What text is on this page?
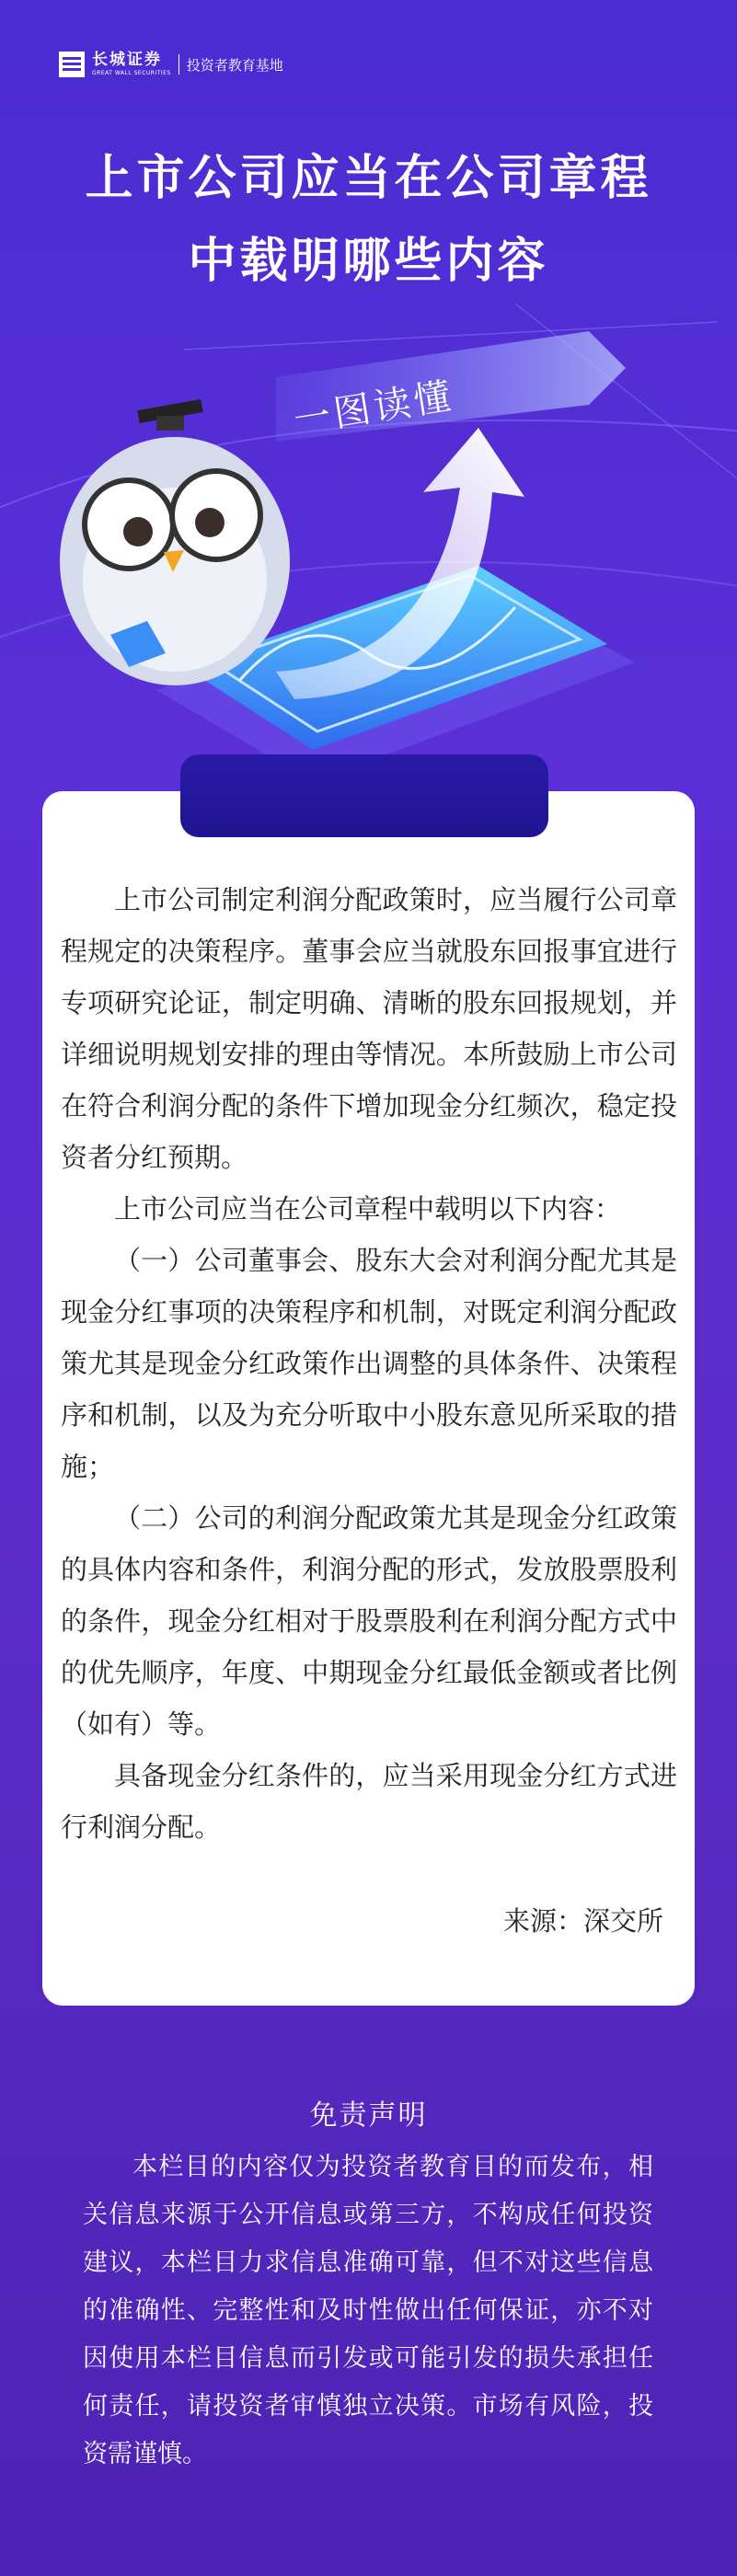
长城证券
GREAT WALL SECURITIES 投资者教育基地
上市公司应当在公司章程
中载明哪些内容
一图读懂

上市公司制定利润分配政策时，应当履行公司章程规定的决策程序。董事会应当就股东回报事宜进行专项研究论证，制定明确、清晰的股东回报规划，并详细说明规划安排的理由等情况。本所鼓励上市公司在符合利润分配的条件下增加现金分红频次，稳定投资者分红预期。

上市公司应当在公司章程中载明以下内容：

（一）公司董事会、股东大会对利润分配尤其是现金分红事项的决策程序和机制，对既定利润分配政策尤其是现金分红政策作出调整的具体条件、决策程序和机制，以及为充分听取中小股东意见所采取的措施；

（二）公司的利润分配政策尤其是现金分红政策的具体内容和条件，利润分配的形式，发放股票股利的条件，现金分红相对于股票股利在利润分配方式中的优先顺序，年度、中期现金分红最低金额或者比例（如有）等。

具备现金分红条件的，应当采用现金分红方式进行利润分配。

来源：深交所
免责声明

本栏目的内容仅为投资者教育目的而发布，相关信息来源于公开信息或第三方，不构成任何投资建议，本栏目力求信息准确可靠，但不对这些信息的准确性、完整性和及时性做出任何保证，亦不对因使用本栏目信息而引发或可能引发的损失承担任何责任，请投资者审慎独立决策。市场有风险，投资需谨慎。
